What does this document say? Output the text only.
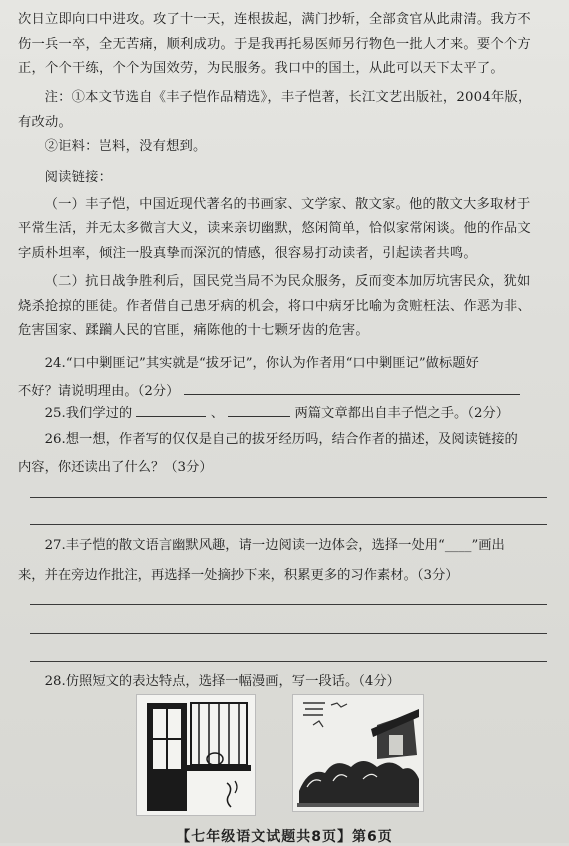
次日立即向口中进攻。攻了十一天，连根拔起，满门抄斩，全部贪官从此肃清。我方不

伤一兵一卒，全无苦痛，顺利成功。于是我再托易医师另行物色一批人才来。要个个方

正，个个干练，个个为国效劳，为民服务。我口中的国土，从此可以天下太平了。

注：①本文节选自《丰子恺作品精选》，丰子恺著，长江文艺出版社，2004年版，

有改动。

②讵料：岂料，没有想到。

阅读链接：

（一）丰子恺，中国近现代著名的书画家、文学家、散文家。他的散文大多取材于

平常生活，并无太多微言大义，读来亲切幽默，悠闲简单，恰似家常闲谈。他的作品文

字质朴坦率，倾注一股真挚而深沉的情感，很容易打动读者，引起读者共鸣。

（二）抗日战争胜利后，国民党当局不为民众服务，反而变本加厉坑害民众，犹如

烧杀抢掠的匪徒。作者借自己患牙病的机会，将口中病牙比喻为贪赃枉法、作恶为非、

危害国家、蹂躏人民的官匪，痛陈他的十七颗牙齿的危害。

24.“口中剿匪记”其实就是“拔牙记”，你认为作者用“口中剿匪记”做标题好

不好？请说明理由。（2分）

25.我们学过的	、	两篇文章都出自丰子恺之手。（2分）

26.想一想，作者写的仅仅是自己的拔牙经历吗，结合作者的描述，及阅读链接的

内容，你还读出了什么？（3分）

27.丰子恺的散文语言幽默风趣，请一边阅读一边体会，选择一处用“____”画出

来，并在旁边作批注，再选择一处摘抄下来，积累更多的习作素材。（3分）

28.仿照短文的表达特点，选择一幅漫画，写一段话。（4分）

【七年级语文试题共8页】第6页
